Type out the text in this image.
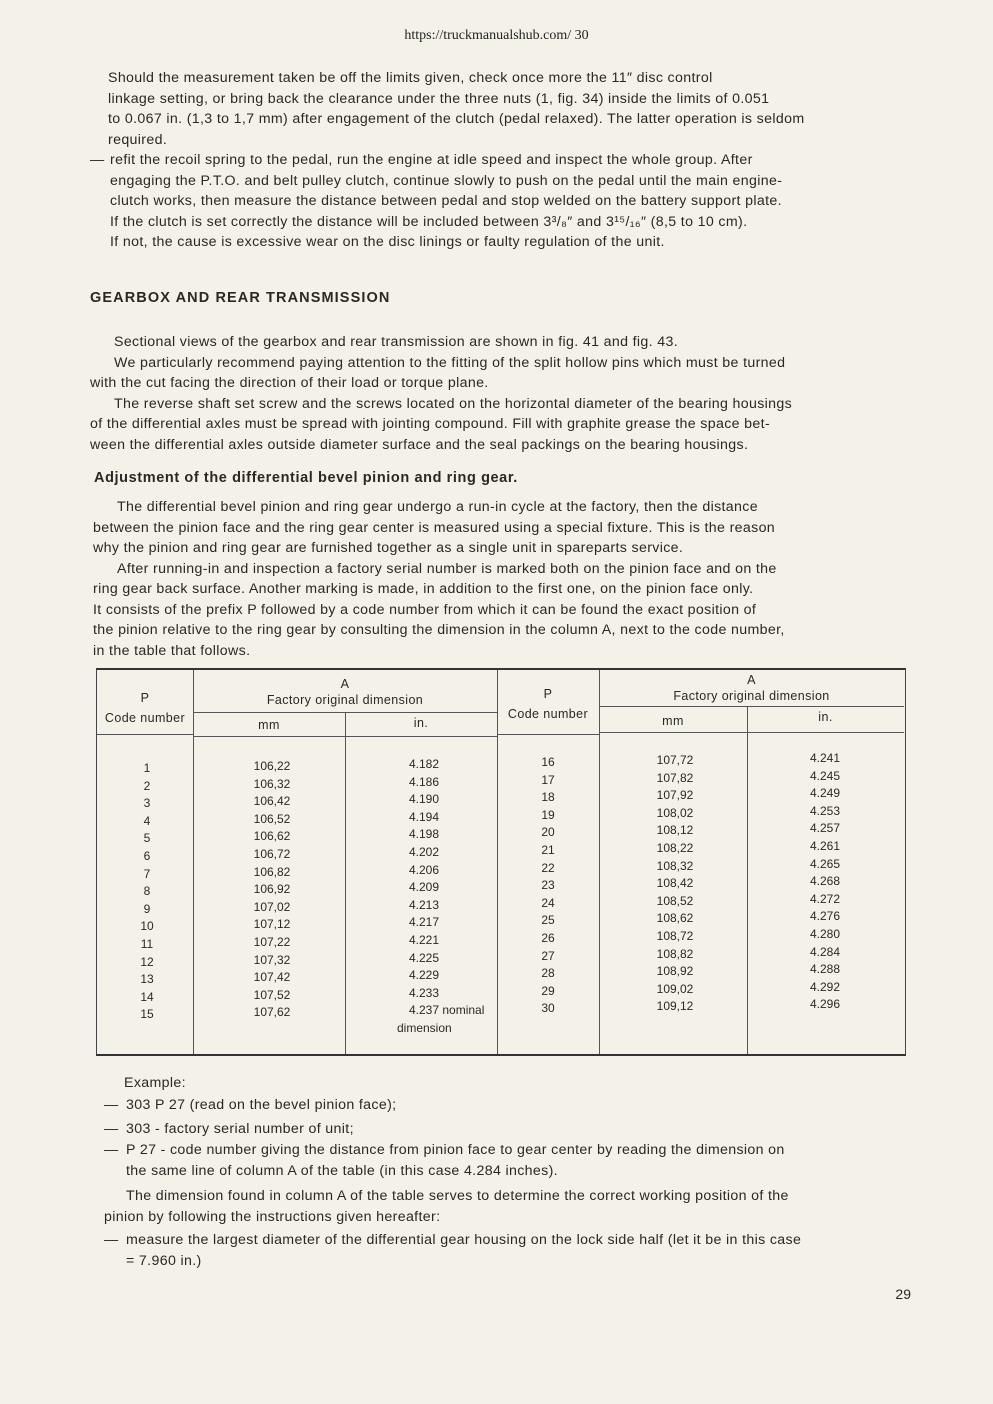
https://truckmanualshub.com/ 30
Should the measurement taken be off the limits given, check once more the 11″ disc control
linkage setting, or bring back the clearance under the three nuts (1, fig. 34) inside the limits of 0.051
to 0.067 in. (1,3 to 1,7 mm) after engagement of the clutch (pedal relaxed). The latter operation is seldom
required.
— refit the recoil spring to the pedal, run the engine at idle speed and inspect the whole group. After
engaging the P.T.O. and belt pulley clutch, continue slowly to push on the pedal until the main engine-
clutch works, then measure the distance between pedal and stop welded on the battery support plate.
If the clutch is set correctly the distance will be included between 3³/₈″ and 3¹⁵/₁₆″ (8,5 to 10 cm).
If not, the cause is excessive wear on the disc linings or faulty regulation of the unit.
GEARBOX AND REAR TRANSMISSION
Sectional views of the gearbox and rear transmission are shown in fig. 41 and fig. 43.
We particularly recommend paying attention to the fitting of the split hollow pins which must be turned
with the cut facing the direction of their load or torque plane.
The reverse shaft set screw and the screws located on the horizontal diameter of the bearing housings
of the differential axles must be spread with jointing compound. Fill with graphite grease the space bet-
ween the differential axles outside diameter surface and the seal packings on the bearing housings.
Adjustment of the differential bevel pinion and ring gear.
The differential bevel pinion and ring gear undergo a run-in cycle at the factory, then the distance
between the pinion face and the ring gear center is measured using a special fixture. This is the reason
why the pinion and ring gear are furnished together as a single unit in spareparts service.
After running-in and inspection a factory serial number is marked both on the pinion face and on the
ring gear back surface. Another marking is made, in addition to the first one, on the pinion face only.
It consists of the prefix P followed by a code number from which it can be found the exact position of
the pinion relative to the ring gear by consulting the dimension in the column A, next to the code number,
in the table that follows.
P
Code number
A
Factory original dimension
mm	in.
P
Code number
A
Factory original dimension
mm	in.
1
2
3
4
5
6
7
8
9
10
11
12
13
14
15
106,22
106,32
106,42
106,52
106,62
106,72
106,82
106,92
107,02
107,12
107,22
107,32
107,42
107,52
107,62
4.182
4.186
4.190
4.194
4.198
4.202
4.206
4.209
4.213
4.217
4.221
4.225
4.229
4.233
4.237 nominal
dimension
16
17
18
19
20
21
22
23
24
25
26
27
28
29
30
107,72
107,82
107,92
108,02
108,12
108,22
108,32
108,42
108,52
108,62
108,72
108,82
108,92
109,02
109,12
4.241
4.245
4.249
4.253
4.257
4.261
4.265
4.268
4.272
4.276
4.280
4.284
4.288
4.292
4.296
Example:
— 303 P 27 (read on the bevel pinion face);
— 303 - factory serial number of unit;
— P 27 - code number giving the distance from pinion face to gear center by reading the dimension on
the same line of column A of the table (in this case 4.284 inches).
The dimension found in column A of the table serves to determine the correct working position of the
pinion by following the instructions given hereafter:
— measure the largest diameter of the differential gear housing on the lock side half (let it be in this case
= 7.960 in.)
29
